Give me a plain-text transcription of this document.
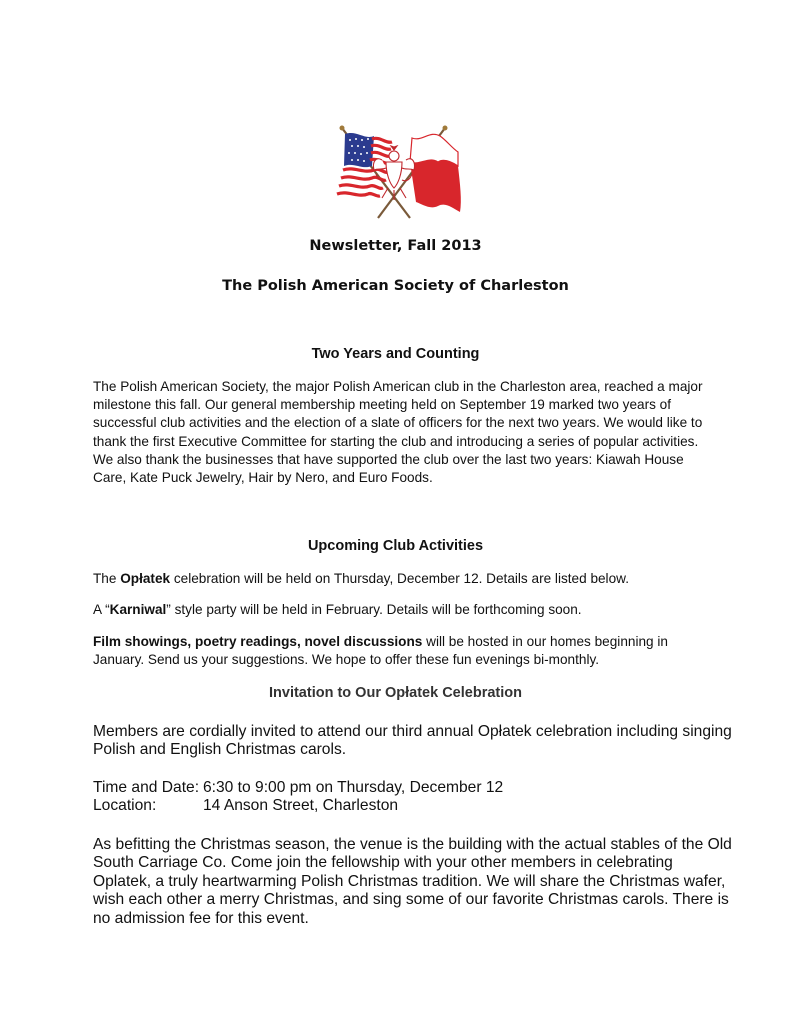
Newsletter, Fall 2013
The Polish American Society of Charleston
Two Years and Counting
The Polish American Society, the major Polish American club in the Charleston area, reached a major milestone this fall. Our general membership meeting held on September 19 marked two years of successful club activities and the election of a slate of officers for the next two years. We would like to thank the first Executive Committee for starting the club and introducing a series of popular activities. We also thank the businesses that have supported the club over the last two years: Kiawah House Care, Kate Puck Jewelry, Hair by Nero, and Euro Foods.
Upcoming Club Activities
The Opłatek celebration will be held on Thursday, December 12. Details are listed below.
A “Karniwal” style party will be held in February. Details will be forthcoming soon.
Film showings, poetry readings, novel discussions will be hosted in our homes beginning in January. Send us your suggestions. We hope to offer these fun evenings bi-monthly.
Invitation to Our Opłatek Celebration
Members are cordially invited to attend our third annual Opłatek celebration including singing Polish and English Christmas carols.
Time and Date: 6:30 to 9:00 pm on Thursday, December 12
Location:	14 Anson Street, Charleston
As befitting the Christmas season, the venue is the building with the actual stables of the Old South Carriage Co. Come join the fellowship with your other members in celebrating Oplatek, a truly heartwarming Polish Christmas tradition. We will share the Christmas wafer, wish each other a merry Christmas, and sing some of our favorite Christmas carols. There is no admission fee for this event.
